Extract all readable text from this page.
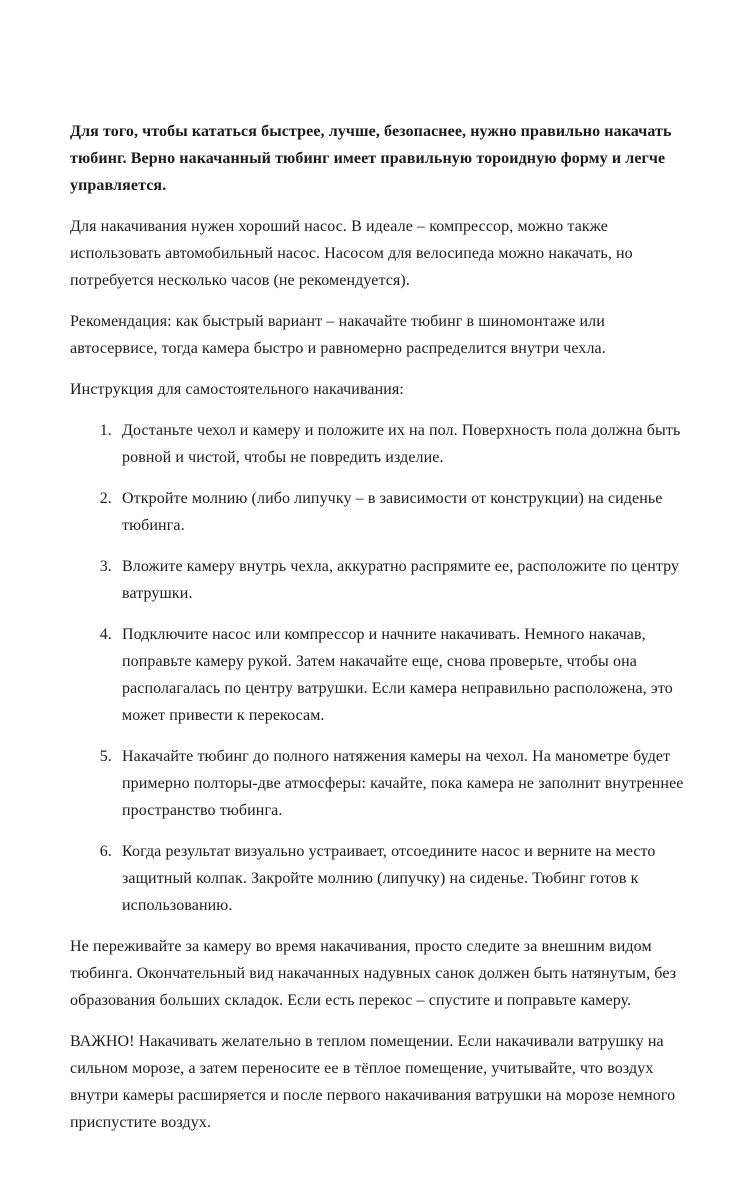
Для того, чтобы кататься быстрее, лучше, безопаснее, нужно правильно накачать тюбинг. Верно накачанный тюбинг имеет правильную тороидную форму и легче управляется.

Для накачивания нужен хороший насос. В идеале – компрессор, можно также использовать автомобильный насос. Насосом для велосипеда можно накачать, но потребуется несколько часов (не рекомендуется).

Рекомендация: как быстрый вариант – накачайте тюбинг в шиномонтаже или автосервисе, тогда камера быстро и равномерно распределится внутри чехла.

Инструкция для самостоятельного накачивания:

1. Достаньте чехол и камеру и положите их на пол. Поверхность пола должна быть ровной и чистой, чтобы не повредить изделие.
2. Откройте молнию (либо липучку – в зависимости от конструкции) на сиденье тюбинга.
3. Вложите камеру внутрь чехла, аккуратно распрямите ее, расположите по центру ватрушки.
4. Подключите насос или компрессор и начните накачивать. Немного накачав, поправьте камеру рукой. Затем накачайте еще, снова проверьте, чтобы она располагалась по центру ватрушки. Если камера неправильно расположена, это может привести к перекосам.
5. Накачайте тюбинг до полного натяжения камеры на чехол. На манометре будет примерно полторы-две атмосферы: качайте, пока камера не заполнит внутреннее пространство тюбинга.
6. Когда результат визуально устраивает, отсоедините насос и верните на место защитный колпак. Закройте молнию (липучку) на сиденье. Тюбинг готов к использованию.

Не переживайте за камеру во время накачивания, просто следите за внешним видом тюбинга. Окончательный вид накачанных надувных санок должен быть натянутым, без образования больших складок. Если есть перекос – спустите и поправьте камеру.

ВАЖНО! Накачивать желательно в теплом помещении. Если накачивали ватрушку на сильном морозе, а затем переносите ее в тёплое помещение, учитывайте, что воздух внутри камеры расширяется и после первого накачивания ватрушки на морозе немного приспустите воздух.
